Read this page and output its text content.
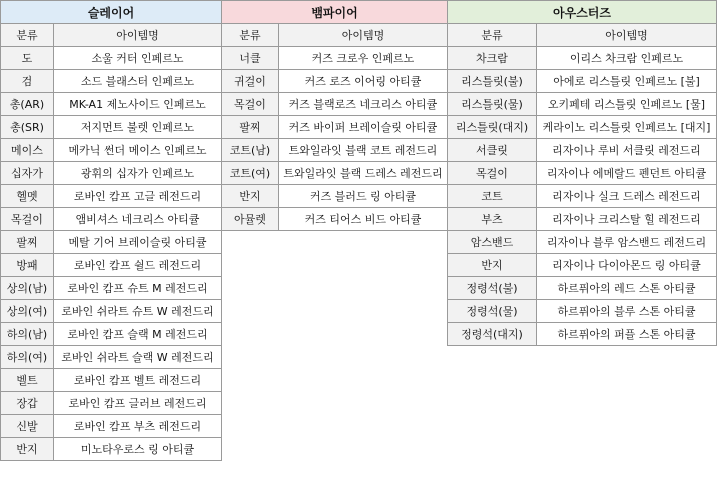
슬레이어	
분류	아이템명
도	소울 커터 인페르노
검	소드 블래스터 인페르노
총(AR)	MK-A1 제노사이드 인페르노
총(SR)	저지먼트 불렛 인페르노
메이스	메카닉 썬더 메이스 인페르노
십자가	광휘의 십자가 인페르노
헬멧	로바인 캄프 고글 레전드리
목걸이	앰비셔스 네크리스 아티큘
팔찌	메탈 기어 브레이슬릿 아티큘
방패	로바인 캄프 쉴드 레전드리
상의(남)	로바인 캄프 슈트 M 레전드리
상의(여)	로바인 쉬라트 슈트 W 레전드리
하의(남)	로바인 캄프 슬랙 M 레전드리
하의(여)	로바인 쉬라트 슬랙 W 레전드리
벨트	로바인 캄프 벨트 레전드리
장갑	로바인 캄프 글러브 레전드리
신발	로바인 캄프 부츠 레전드리
반지	미노타우로스 링 아티큘
뱀파이어	
분류	아이템명
너클	커즈 크로우 인페르노
귀걸이	커즈 로즈 이어링 아티큘
목걸이	커즈 블랙로즈 네크리스 아티큘
팔찌	커즈 바이퍼 브레이슬릿 아티큘
코트(남)	트와일라잇 블랙 코트 레전드리
코트(여)	트와일라잇 블랙 드레스 레전드리
반지	커즈 블러드 링 아티큘
아뮬렛	커즈 티어스 비드 아티큘
아우스터즈	
분류	아이템명
차크람	이리스 차크람 인페르노
리스틀릿(불)	아에로 리스틀릿 인페르노 [불]
리스틀릿(물)	오키페테 리스틀릿 인페르노 [물]
리스틀릿(대지)	케라이노 리스틀릿 인페르노 [대지]
서클릿	리자이나 루비 서클릿 레전드리
목걸이	리자이나 에메랄드 펜던트 아티큘
코트	리자이나 실크 드레스 레전드리
부츠	리자이나 크리스탈 힐 레전드리
암스밴드	리자이나 블루 암스밴드 레전드리
반지	리자이나 다이아몬드 링 아티큘
정령석(불)	하르퓌아의 레드 스톤 아티큘
정령석(물)	하르퓌아의 블루 스톤 아티큘
정령석(대지)	하르퓌아의 퍼플 스톤 아티큘
